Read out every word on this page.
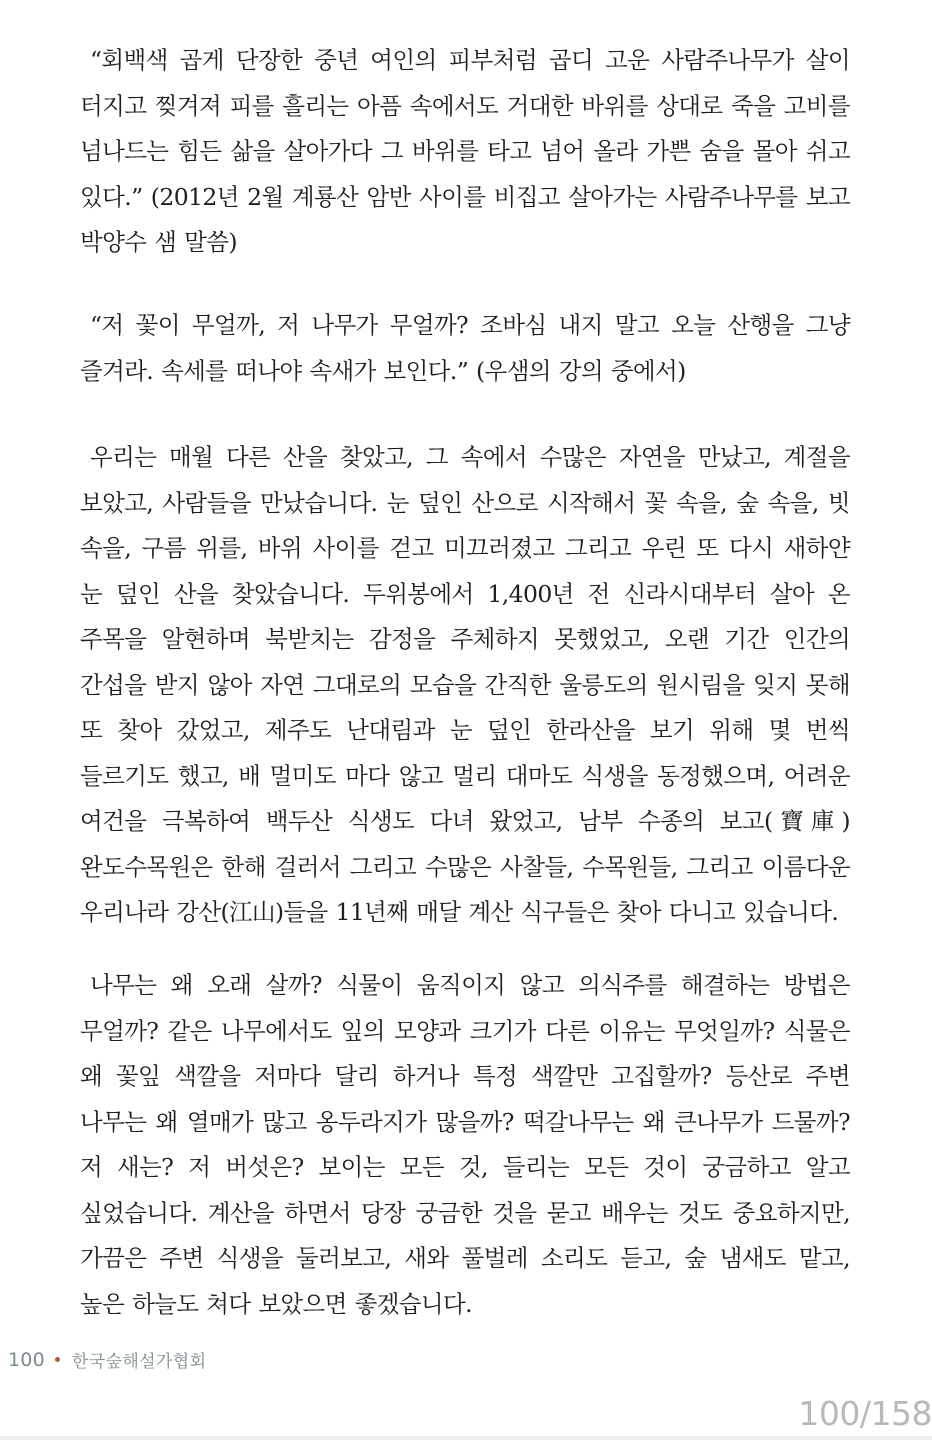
“회백색 곱게 단장한 중년 여인의 피부처럼 곱디 고운 사람주나무가 살이 터지고 찢겨져 피를 흘리는 아픔 속에서도 거대한 바위를 상대로 죽을 고비를 넘나드는 힘든 삶을 살아가다 그 바위를 타고 넘어 올라 가쁜 숨을 몰아 쉬고 있다.” (2012년 2월 계룡산 암반 사이를 비집고 살아가는 사람주나무를 보고 박양수 샘 말씀)

“저 꽃이 무얼까, 저 나무가 무얼까? 조바심 내지 말고 오늘 산행을 그냥 즐겨라. 속세를 떠나야 속새가 보인다.” (우샘의 강의 중에서)

우리는 매월 다른 산을 찾았고, 그 속에서 수많은 자연을 만났고, 계절을 보았고, 사람들을 만났습니다. 눈 덮인 산으로 시작해서 꽃 속을, 숲 속을, 빗 속을, 구름 위를, 바위 사이를 걷고 미끄러졌고 그리고 우린 또 다시 새하얀 눈 덮인 산을 찾았습니다. 두위봉에서 1,400년 전 신라시대부터 살아 온 주목을 알현하며 북받치는 감정을 주체하지 못했었고, 오랜 기간 인간의 간섭을 받지 않아 자연 그대로의 모습을 간직한 울릉도의 원시림을 잊지 못해 또 찾아 갔었고, 제주도 난대림과 눈 덮인 한라산을 보기 위해 몇 번씩 들르기도 했고, 배 멀미도 마다 않고 멀리 대마도 식생을 동정했으며, 어려운 여건을 극복하여 백두산 식생도 다녀 왔었고, 남부 수종의 보고(寶庫) 완도수목원은 한해 걸러서 그리고 수많은 사찰들, 수목원들, 그리고 이름다운 우리나라 강산(江山)들을 11년째 매달 계산 식구들은 찾아 다니고 있습니다.

나무는 왜 오래 살까? 식물이 움직이지 않고 의식주를 해결하는 방법은 무얼까? 같은 나무에서도 잎의 모양과 크기가 다른 이유는 무엇일까? 식물은 왜 꽃잎 색깔을 저마다 달리 하거나 특정 색깔만 고집할까? 등산로 주변 나무는 왜 열매가 많고 옹두라지가 많을까? 떡갈나무는 왜 큰나무가 드물까? 저 새는? 저 버섯은? 보이는 모든 것, 들리는 모든 것이 궁금하고 알고 싶었습니다. 계산을 하면서 당장 궁금한 것을 묻고 배우는 것도 중요하지만, 가끔은 주변 식생을 둘러보고, 새와 풀벌레 소리도 듣고, 숲 냄새도 맡고, 높은 하늘도 쳐다 보았으면 좋겠습니다.

100 한국숲해설가협회
100/158
